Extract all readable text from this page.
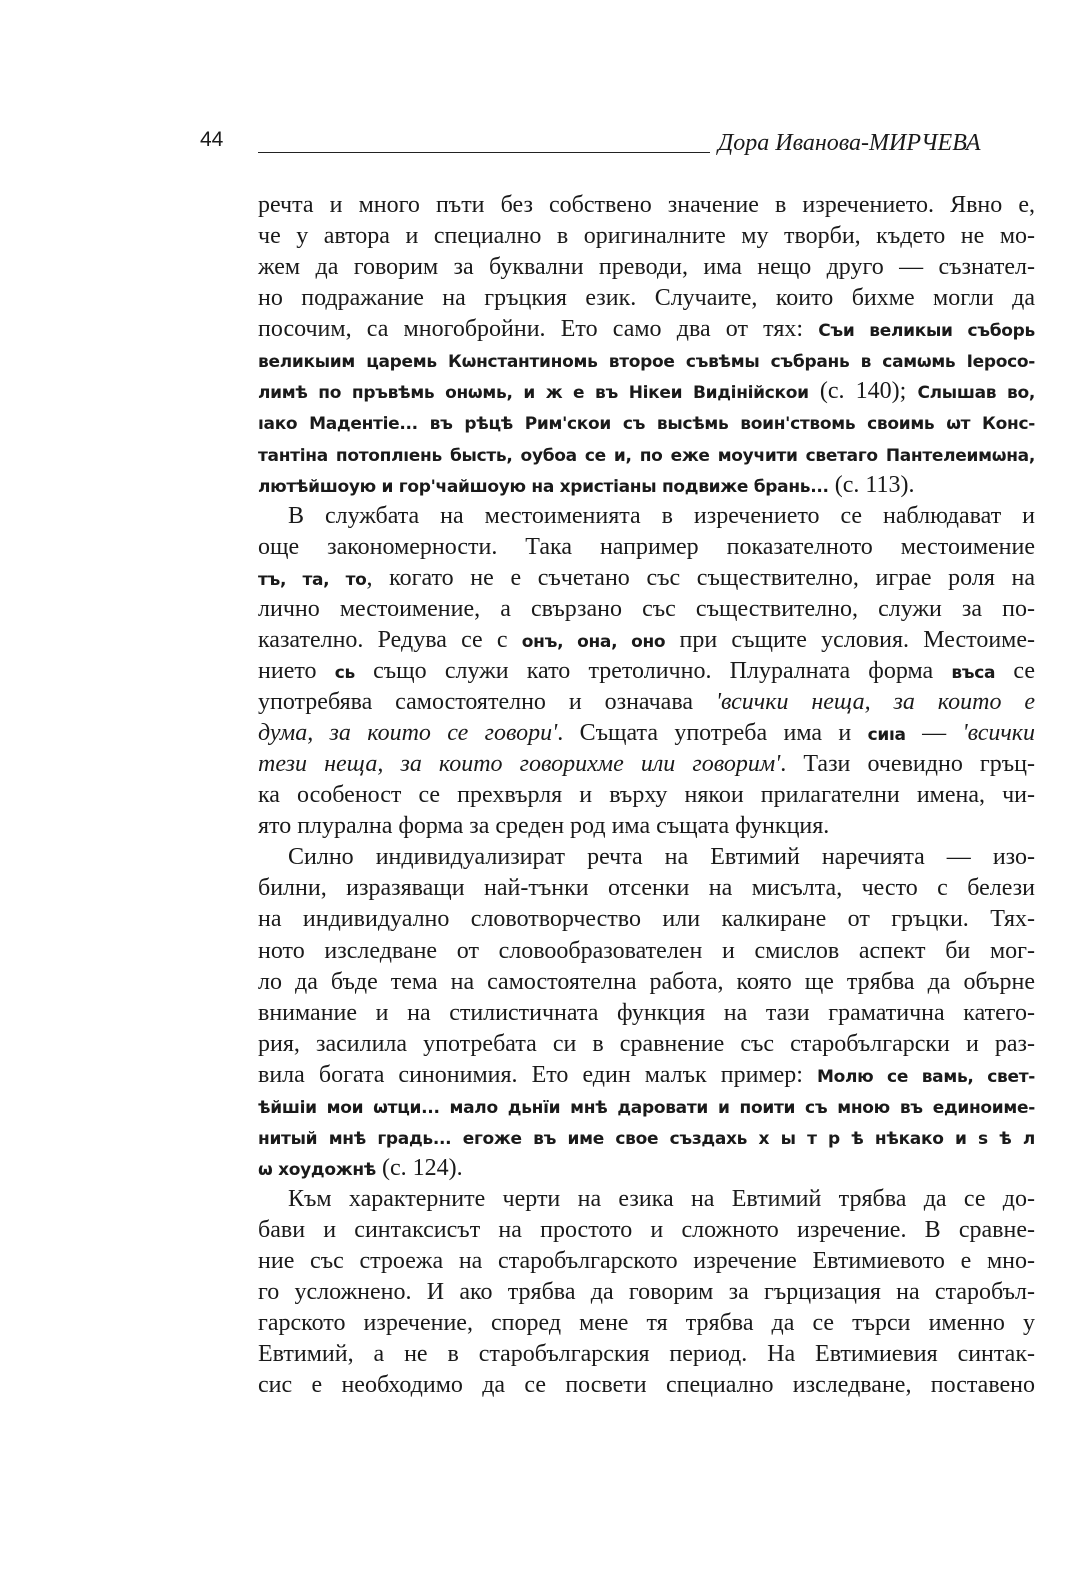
44	Дора Иванова-МИРЧЕВА
речта и много пъти без собствено значение в изречението. Явно е,
че у автора и специално в оригиналните му творби, където не мо-
жем да говорим за буквални преводи, има нещо друго — съзнател-
но подражание на гръцкия език. Случаите, които бихме могли да
посочим, са многобройни. Ето само два от тях: Съи великыи съборь
великыим царемь Кωнстантиномь второе съвѣмы събрань в самωмь Іеросо-
лимѣ по пръвѣмь онωмь, и ж е въ Нікеи Видінійскои (с. 140); Слышав во,
ıако Мадентіе... въ рѣцѣ Рим'скои съ высѣмь воин'ствомь своимь ωт Конс-
тантіна потоплıень бысть, оубоа се и, по еже моучити светаго Пантелеимωна,
лютѣйшоую и гор'чайшоую на христіаны подвиже брань... (с. 113).
В службата на местоименията в изречението се наблюдават и
още закономерности. Така например показателното местоимение
тъ, та, то, когато не е съчетано със съществително, играе роля на
лично местоимение, а свързано със съществително, служи за по-
казателно. Редува се с онъ, она, оно при същите условия. Местоиме-
нието сь също служи като третолично. Плуралната форма въса се
употребява самостоятелно и означава 'всички неща, за които е
дума, за които се говори'. Същата употреба има и сиıа — 'всички
тези неща, за които говорихме или говорим'. Тази очевидно гръц-
ка особеност се прехвърля и върху някои прилагателни имена, чи-
ято плурална форма за среден род има същата функция.
Силно индивидуализират речта на Евтимий наречията — изо-
билни, изразяващи най-тънки отсенки на мисълта, често с белези
на индивидуално словотворчество или калкиране от гръцки. Тях-
ното изследване от словообразователен и смислов аспект би мог-
ло да бъде тема на самостоятелна работа, която ще трябва да обърне
внимание и на стилистичната функция на тази граматична катего-
рия, засилила употребата си в сравнение със старобългарски и раз-
вила богата синонимия. Ето един малък пример: Молю се вамь, свет-
ѣйшіи мои ωтци... мало дьнїи мнѣ даровати и поити съ мною въ единоиме-
нитый мнѣ градь... егоже въ име свое създахь х ы т р ѣ нѣкако и ѕ ѣ л
ω хоудожнѣ (с. 124).
Към характерните черти на езика на Евтимий трябва да се до-
бави и синтаксисът на простото и сложното изречение. В сравне-
ние със строежа на старобългарското изречение Евтимиевото е мно-
го усложнено. И ако трябва да говорим за гърцизация на старобъл-
гарското изречение, според мене тя трябва да се търси именно у
Евтимий, а не в старобългарския период. На Евтимиевия синтак-
сис е необходимо да се посвети специално изследване, поставено
